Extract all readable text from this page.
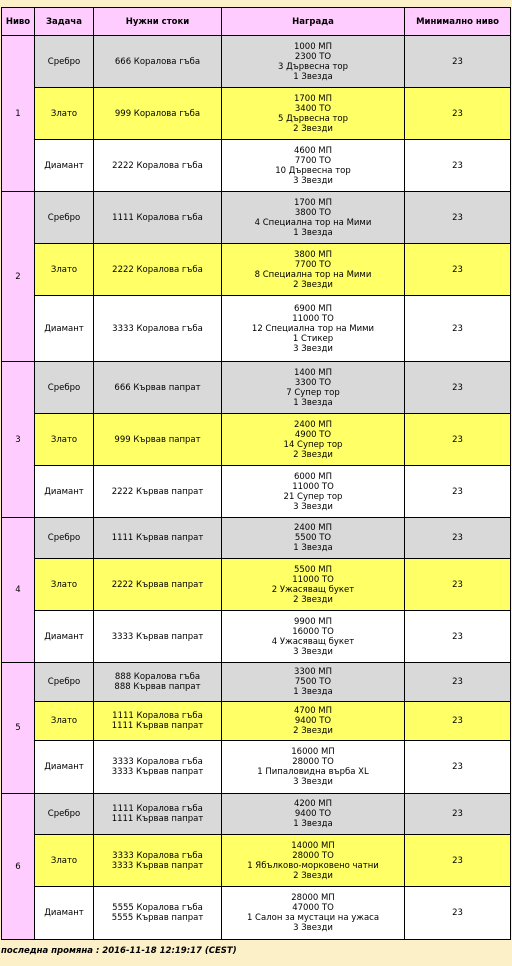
Ниво	Задача	Нужни стоки	Награда	Минимално ниво
1	Сребро	666 Коралова гъба	1000 МП
2300 ТО
3 Дървесна тор
1 Звезда	23
	Злато	999 Коралова гъба	1700 МП
3400 ТО
5 Дървесна тор
2 Звезди	23
	Диамант	2222 Коралова гъба	4600 МП
7700 ТО
10 Дървесна тор
3 Звезди	23
2	Сребро	1111 Коралова гъба	1700 МП
3800 ТО
4 Специална тор на Мими
1 Звезда	23
	Злато	2222 Коралова гъба	3800 МП
7700 ТО
8 Специална тор на Мими
2 Звезди	23
	Диамант	3333 Коралова гъба	6900 МП
11000 ТО
12 Специална тор на Мими
1 Стикер
3 Звезди	23
3	Сребро	666 Кървав папрат	1400 МП
3300 ТО
7 Супер тор
1 Звезда	23
	Злато	999 Кървав папрат	2400 МП
4900 ТО
14 Супер тор
2 Звезди	23
	Диамант	2222 Кървав папрат	6000 МП
11000 ТО
21 Супер тор
3 Звезди	23
4	Сребро	1111 Кървав папрат	2400 МП
5500 ТО
1 Звезда	23
	Злато	2222 Кървав папрат	5500 МП
11000 ТО
2 Ужасяващ букет
2 Звезди	23
	Диамант	3333 Кървав папрат	9900 МП
16000 ТО
4 Ужасяващ букет
3 Звезди	23
5	Сребро	888 Коралова гъба
888 Кървав папрат	3300 МП
7500 ТО
1 Звезда	23
	Злато	1111 Коралова гъба
1111 Кървав папрат	4700 МП
9400 ТО
2 Звезди	23
	Диамант	3333 Коралова гъба
3333 Кървав папрат	16000 МП
28000 ТО
1 Пипаловидна върба XL
3 Звезди	23
6	Сребро	1111 Коралова гъба
1111 Кървав папрат	4200 МП
9400 ТО
1 Звезда	23
	Злато	3333 Коралова гъба
3333 Кървав папрат	14000 МП
28000 ТО
1 Ябълково-морковено чатни
2 Звезди	23
	Диамант	5555 Коралова гъба
5555 Кървав папрат	28000 МП
47000 ТО
1 Салон за мустаци на ужаса
3 Звезди	23
последна промяна : 2016-11-18 12:19:17 (CEST)
